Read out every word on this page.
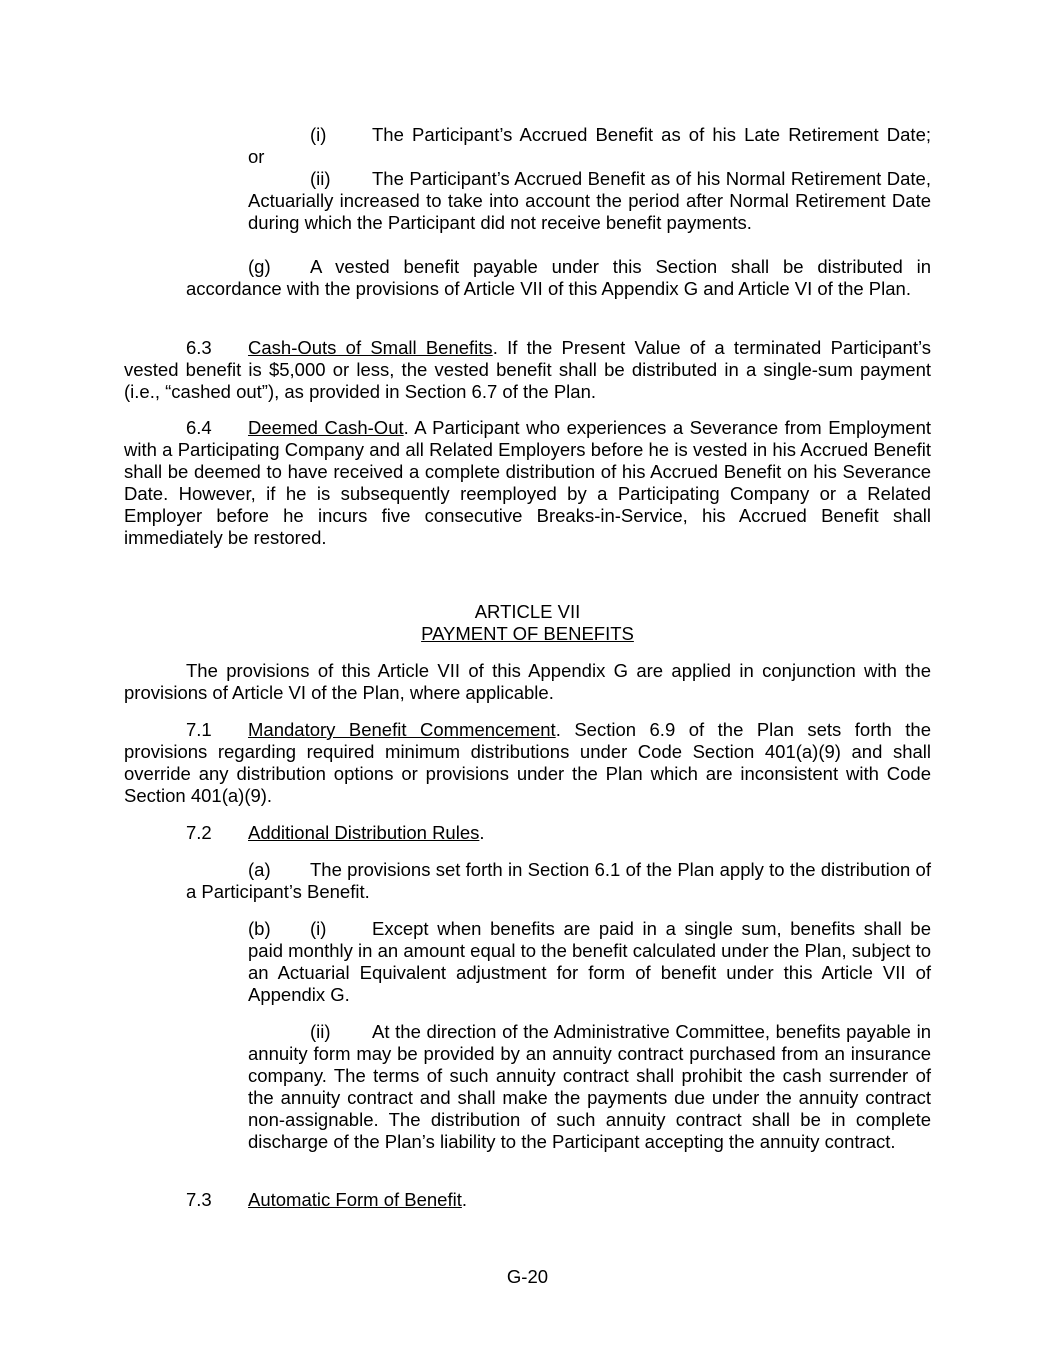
(i) The Participant’s Accrued Benefit as of his Late Retirement Date;

or

(ii) The Participant’s Accrued Benefit as of his Normal Retirement Date, Actuarially increased to take into account the period after Normal Retirement Date during which the Participant did not receive benefit payments.

(g) A vested benefit payable under this Section shall be distributed in accordance with the provisions of Article VII of this Appendix G and Article VI of the Plan.

6.3 Cash-Outs of Small Benefits. If the Present Value of a terminated Participant’s vested benefit is $5,000 or less, the vested benefit shall be distributed in a single-sum payment (i.e., “cashed out”), as provided in Section 6.7 of the Plan.

6.4 Deemed Cash-Out. A Participant who experiences a Severance from Employment with a Participating Company and all Related Employers before he is vested in his Accrued Benefit shall be deemed to have received a complete distribution of his Accrued Benefit on his Severance Date. However, if he is subsequently reemployed by a Participating Company or a Related Employer before he incurs five consecutive Breaks-in-Service, his Accrued Benefit shall immediately be restored.

ARTICLE VII

PAYMENT OF BENEFITS

The provisions of this Article VII of this Appendix G are applied in conjunction with the provisions of Article VI of the Plan, where applicable.

7.1 Mandatory Benefit Commencement. Section 6.9 of the Plan sets forth the provisions regarding required minimum distributions under Code Section 401(a)(9) and shall override any distribution options or provisions under the Plan which are inconsistent with Code Section 401(a)(9).

7.2 Additional Distribution Rules.

(a) The provisions set forth in Section 6.1 of the Plan apply to the distribution of a Participant’s Benefit.

(b) (i) Except when benefits are paid in a single sum, benefits shall be paid monthly in an amount equal to the benefit calculated under the Plan, subject to an Actuarial Equivalent adjustment for form of benefit under this Article VII of Appendix G.

(ii) At the direction of the Administrative Committee, benefits payable in annuity form may be provided by an annuity contract purchased from an insurance company. The terms of such annuity contract shall prohibit the cash surrender of the annuity contract and shall make the payments due under the annuity contract non-assignable. The distribution of such annuity contract shall be in complete discharge of the Plan’s liability to the Participant accepting the annuity contract.

7.3 Automatic Form of Benefit.

G-20
